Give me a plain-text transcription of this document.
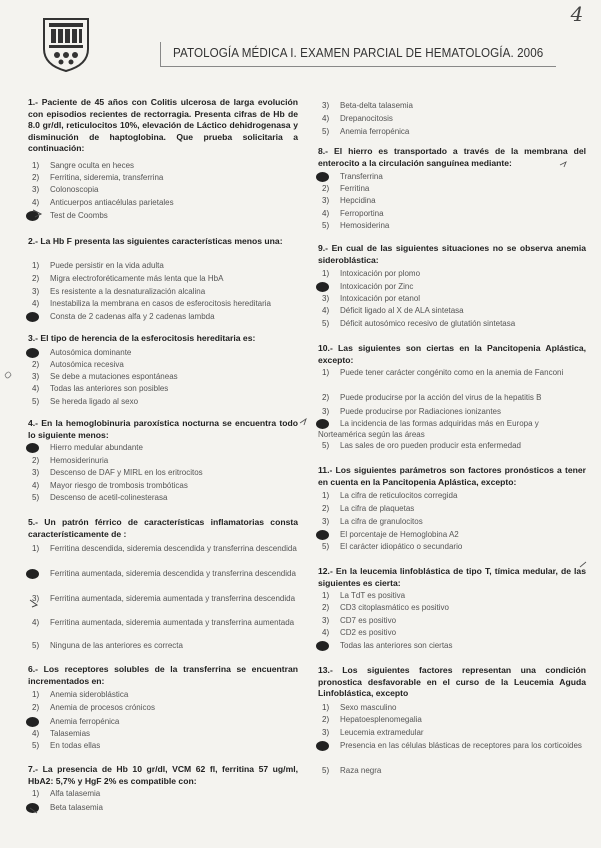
4
PATOLOGÍA MÉDICA I. EXAMEN PARCIAL DE HEMATOLOGÍA. 2006
1.- Paciente de 45 años con Colitis ulcerosa de larga evolución con episodios recientes de rectorragia. Presenta cifras de Hb de 8.0 gr/dl, reticulocitos 10%, elevación de Láctico dehidrogenasa y disminución de haptoglobina. Que prueba solicitaria a continuación:
1) Sangre oculta en heces
2) Ferritina, sideremia, transferrina
3) Colonoscopia
4) Anticuerpos antiacélulas parietales
Test de Coombs
2.- La Hb F presenta las siguientes características menos una:
1) Puede persistir en la vida adulta
2) Migra electroforéticamente más lenta que la HbA
3) Es resistente a la desnaturalización alcalina
4) Inestabiliza la membrana en casos de esferocitosis hereditaria
Consta de 2 cadenas alfa y 2 cadenas lambda
3.- El tipo de herencia de la esferocitosis hereditaria es:
Autosómica dominante
2) Autosómica recesiva
3) Se debe a mutaciones espontáneas
4) Todas las anteriores son posibles
5) Se hereda ligado al sexo
4.- En la hemoglobinuria paroxística nocturna se encuentra todo lo siguiente menos:
Hierro medular abundante
2) Hemosiderinuria
3) Descenso de DAF y MIRL en los eritrocitos
4) Mayor riesgo de trombosis trombóticas
5) Descenso de acetil-colinesterasa
5.- Un patrón férrico de características inflamatorias consta característicamente de :
1) Ferritina descendida, sideremia descendida y transferrina descendida
Ferritina aumentada, sideremia descendida y transferrina descendida
3) Ferritina aumentada, sideremia aumentada y transferrina descendida
4) Ferritina aumentada, sideremia aumentada y transferrina aumentada
5) Ninguna de las anteriores es correcta
6.- Los receptores solubles de la transferrina se encuentran incrementados en:
1) Anemia sideroblástica
2) Anemia de procesos crónicos
Anemia ferropénica
4) Talasemias
5) En todas ellas
7.- La presencia de Hb 10 gr/dl, VCM 62 fl, ferritina 57 ug/ml, HbA2: 5,7% y HgF 2% es compatible con:
1) Alfa talasemia
Beta talasemia
3) Beta-delta talasemia
4) Drepanocitosis
5) Anemia ferropénica
8.- El hierro es transportado a través de la membrana del enterocito a la circulación sanguínea mediante:
Transferrina
2) Ferritina
3) Hepcidina
4) Ferroportina
5) Hemosiderina
9.- En cual de las siguientes situaciones no se observa anemia sideroblástica:
1) Intoxicación por plomo
Intoxicación por Zinc
3) Intoxicación por etanol
4) Déficit ligado al X de ALA sintetasa
5) Déficit autosómico recesivo de glutatión sintetasa
10.- Las siguientes son ciertas en la Pancitopenia Aplástica, excepto:
1) Puede tener carácter congénito como en la anemia de Fanconi
2) Puede producirse por la acción del virus de la hepatitis B
3) Puede producirse por Radiaciones ionizantes
La incidencia de las formas adquiridas más en Europa y Norteamérica según las áreas
5) Las sales de oro pueden producir esta enfermedad
11.- Los siguientes parámetros son factores pronósticos a tener en cuenta en la Pancitopenia Aplástica, excepto:
1) La cifra de reticulocitos corregida
2) La cifra de plaquetas
3) La cifra de granulocitos
El porcentaje de Hemoglobina A2
5) El carácter idiopático o secundario
12.- En la leucemia linfoblástica de tipo T, tímica medular, de las siguientes es cierta:
1) La TdT es positiva
2) CD3 citoplasmático es positivo
3) CD7 es positivo
4) CD2 es positivo
Todas las anteriores son ciertas
13.- Los siguientes factores representan una condición pronostica desfavorable en el curso de la Leucemia Aguda Linfoblástica, excepto
1) Sexo masculino
2) Hepatoesplenomegalia
3) Leucemia extramedular
Presencia en las células blásticas de receptores para los corticoides
5) Raza negra
